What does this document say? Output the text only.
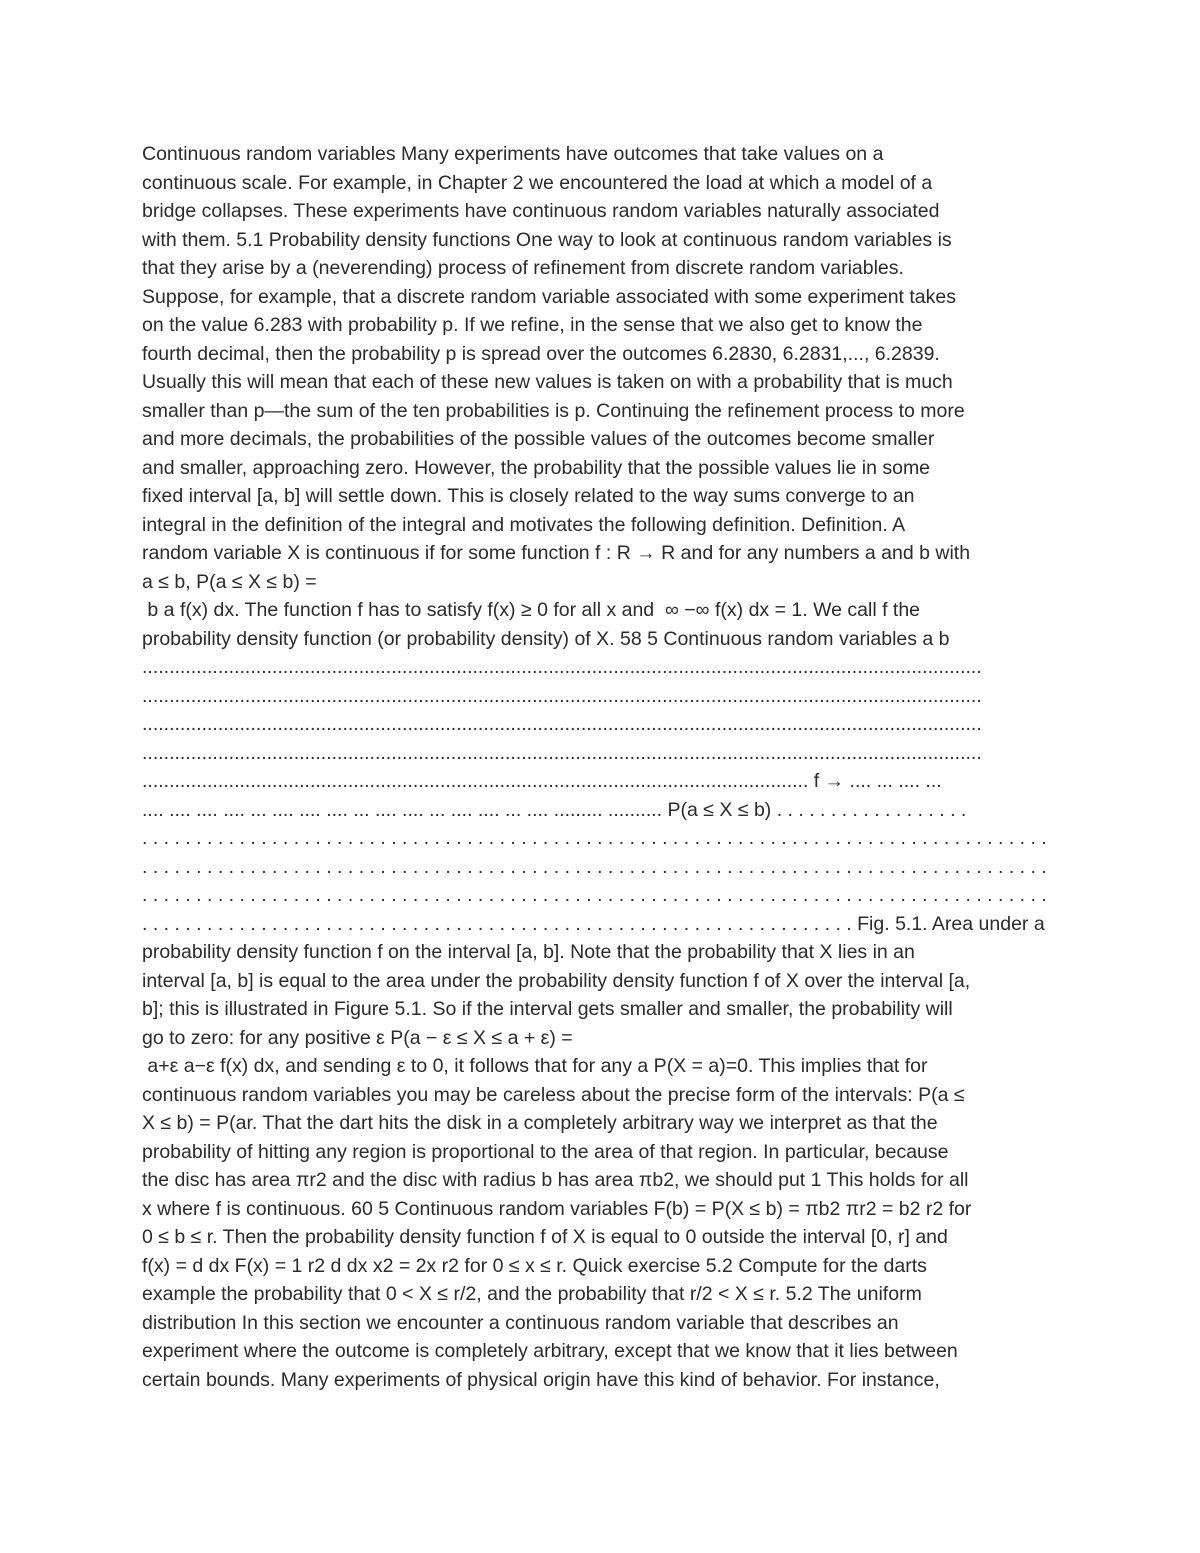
Continuous random variables Many experiments have outcomes that take values on a
continuous scale. For example, in Chapter 2 we encountered the load at which a model of a
bridge collapses. These experiments have continuous random variables naturally associated
with them. 5.1 Probability density functions One way to look at continuous random variables is
that they arise by a (neverending) process of refinement from discrete random variables.
Suppose, for example, that a discrete random variable associated with some experiment takes
on the value 6.283 with probability p. If we refine, in the sense that we also get to know the
fourth decimal, then the probability p is spread over the outcomes 6.2830, 6.2831,..., 6.2839.
Usually this will mean that each of these new values is taken on with a probability that is much
smaller than p—the sum of the ten probabilities is p. Continuing the refinement process to more
and more decimals, the probabilities of the possible values of the outcomes become smaller
and smaller, approaching zero. However, the probability that the possible values lie in some
fixed interval [a, b] will settle down. This is closely related to the way sums converge to an
integral in the definition of the integral and motivates the following definition. Definition. A
random variable X is continuous if for some function f : R → R and for any numbers a and b with
a ≤ b, P(a ≤ X ≤ b) =
b a f(x) dx. The function f has to satisfy f(x) ≥ 0 for all x and  ∞ −∞ f(x) dx = 1. We call f the
probability density function (or probability density) of X. 58 5 Continuous random variables a b
...........................................................................................................................................................
...........................................................................................................................................................
...........................................................................................................................................................
...........................................................................................................................................................
........................................................................................................................... f → .... ... .... ...
.... .... .... .... ... .... .... .... ... .... .... ... .... .... ... .... ......... .......... P(a ≤ X ≤ b) . . . . . . . . . . . . . . . . . .
. . . . . . . . . . . . . . . . . . . . . . . . . . . . . . . . . . . . . . . . . . . . . . . . . . . . . . . . . . . . . . . . . . . . . . . . . . . . . . . . . . . .
. . . . . . . . . . . . . . . . . . . . . . . . . . . . . . . . . . . . . . . . . . . . . . . . . . . . . . . . . . . . . . . . . . . . . . . . . . . . . . . . . . . .
. . . . . . . . . . . . . . . . . . . . . . . . . . . . . . . . . . . . . . . . . . . . . . . . . . . . . . . . . . . . . . . . . . . . . . . . . . . . . . . . . . . .
. . . . . . . . . . . . . . . . . . . . . . . . . . . . . . . . . . . . . . . . . . . . . . . . . . . . . . . . . . . . . . . . . . Fig. 5.1. Area under a
probability density function f on the interval [a, b]. Note that the probability that X lies in an
interval [a, b] is equal to the area under the probability density function f of X over the interval [a,
b]; this is illustrated in Figure 5.1. So if the interval gets smaller and smaller, the probability will
go to zero: for any positive ε P(a − ε ≤ X ≤ a + ε) =
a+ε a−ε f(x) dx, and sending ε to 0, it follows that for any a P(X = a)=0. This implies that for
continuous random variables you may be careless about the precise form of the intervals: P(a ≤
X ≤ b) = P(ar. That the dart hits the disk in a completely arbitrary way we interpret as that the
probability of hitting any region is proportional to the area of that region. In particular, because
the disc has area πr2 and the disc with radius b has area πb2, we should put 1 This holds for all
x where f is continuous. 60 5 Continuous random variables F(b) = P(X ≤ b) = πb2 πr2 = b2 r2 for
0 ≤ b ≤ r. Then the probability density function f of X is equal to 0 outside the interval [0, r] and
f(x) = d dx F(x) = 1 r2 d dx x2 = 2x r2 for 0 ≤ x ≤ r. Quick exercise 5.2 Compute for the darts
example the probability that 0 < X ≤ r/2, and the probability that r/2 < X ≤ r. 5.2 The uniform
distribution In this section we encounter a continuous random variable that describes an
experiment where the outcome is completely arbitrary, except that we know that it lies between
certain bounds. Many experiments of physical origin have this kind of behavior. For instance,
